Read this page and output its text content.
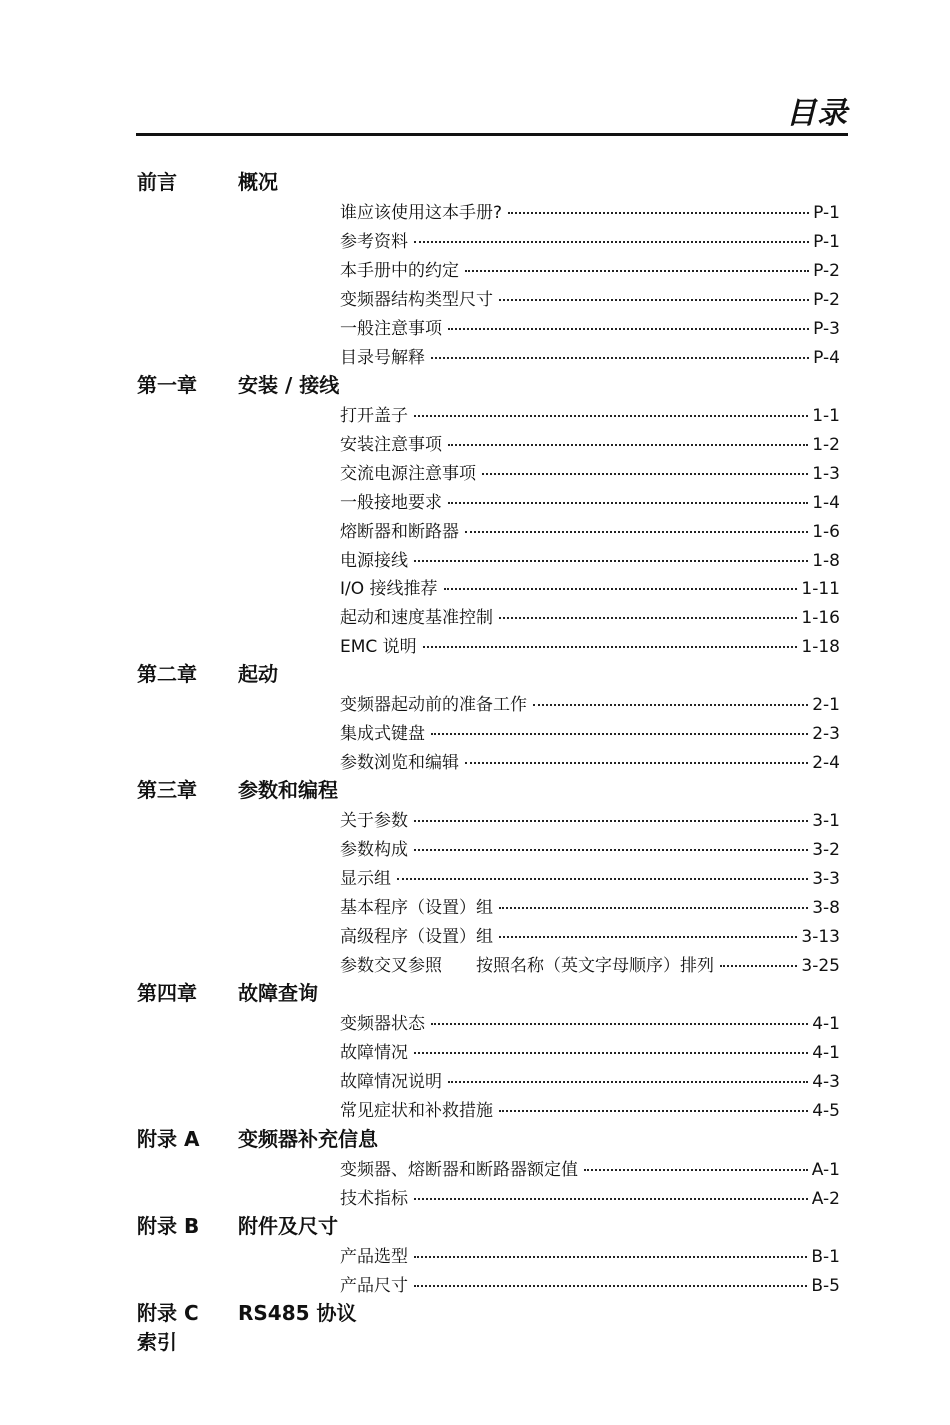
目录
前言	概况
谁应该使用这本手册?	P-1
参考资料	P-1
本手册中的约定	P-2
变频器结构类型尺寸	P-2
一般注意事项	P-3
目录号解释	P-4
第一章 安装 / 接线
打开盖子	1-1
安装注意事项	1-2
交流电源注意事项	1-3
一般接地要求	1-4
熔断器和断路器	1-6
电源接线	1-8
I/O 接线推荐	1-11
起动和速度基准控制	1-16
EMC 说明	1-18
第二章 起动
变频器起动前的准备工作	2-1
集成式键盘	2-3
参数浏览和编辑	2-4
第三章 参数和编程
关于参数	3-1
参数构成	3-2
显示组	3-3
基本程序（设置）组	3-8
高级程序（设置）组	3-13
参数交叉参照　　按照名称（英文字母顺序）排列	3-25
第四章 故障查询
变频器状态	4-1
故障情况	4-1
故障情况说明	4-3
常见症状和补救措施	4-5
附录 A 变频器补充信息
变频器、熔断器和断路器额定值	A-1
技术指标	A-2
附录 B 附件及尺寸
产品选型	B-1
产品尺寸	B-5
附录 C RS485 协议
索引
